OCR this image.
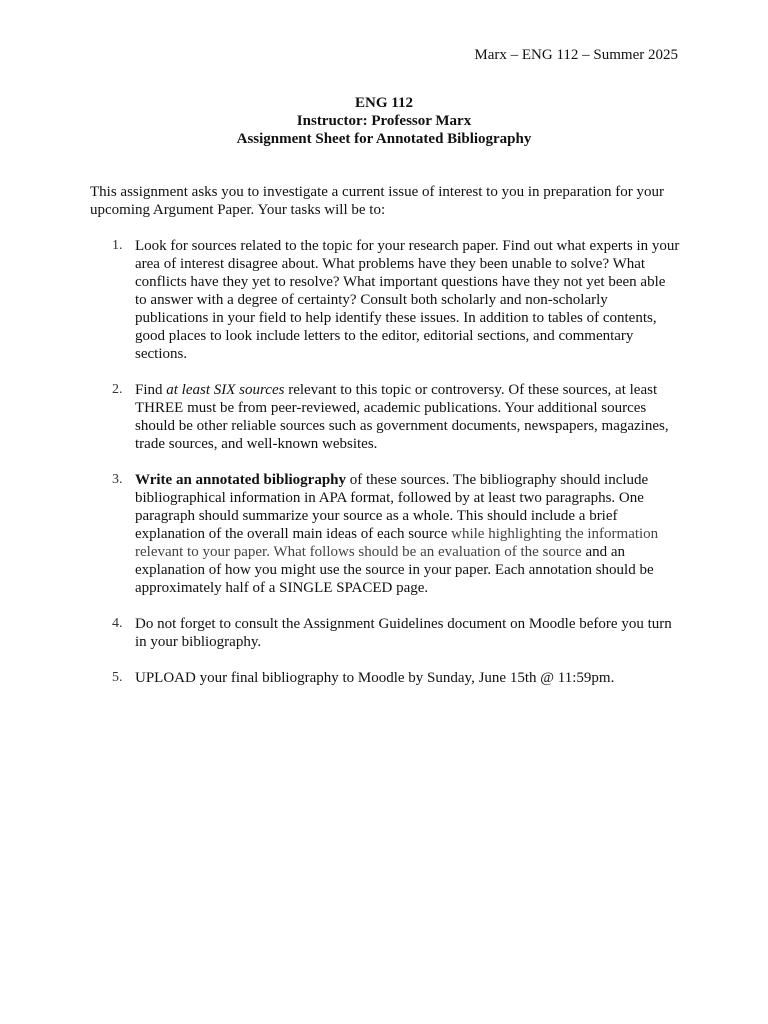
Marx – ENG 112 – Summer 2025
ENG 112
Instructor: Professor Marx
Assignment Sheet for Annotated Bibliography
This assignment asks you to investigate a current issue of interest to you in preparation for your upcoming Argument Paper. Your tasks will be to:
1. Look for sources related to the topic for your research paper. Find out what experts in your area of interest disagree about. What problems have they been unable to solve? What conflicts have they yet to resolve? What important questions have they not yet been able to answer with a degree of certainty? Consult both scholarly and non-scholarly publications in your field to help identify these issues. In addition to tables of contents, good places to look include letters to the editor, editorial sections, and commentary sections.
2. Find at least SIX sources relevant to this topic or controversy. Of these sources, at least THREE must be from peer-reviewed, academic publications. Your additional sources should be other reliable sources such as government documents, newspapers, magazines, trade sources, and well-known websites.
3. Write an annotated bibliography of these sources. The bibliography should include bibliographical information in APA format, followed by at least two paragraphs. One paragraph should summarize your source as a whole. This should include a brief explanation of the overall main ideas of each source while highlighting the information relevant to your paper. What follows should be an evaluation of the source and an explanation of how you might use the source in your paper. Each annotation should be approximately half of a SINGLE SPACED page.
4. Do not forget to consult the Assignment Guidelines document on Moodle before you turn in your bibliography.
5. UPLOAD your final bibliography to Moodle by Sunday, June 15th @ 11:59pm.
